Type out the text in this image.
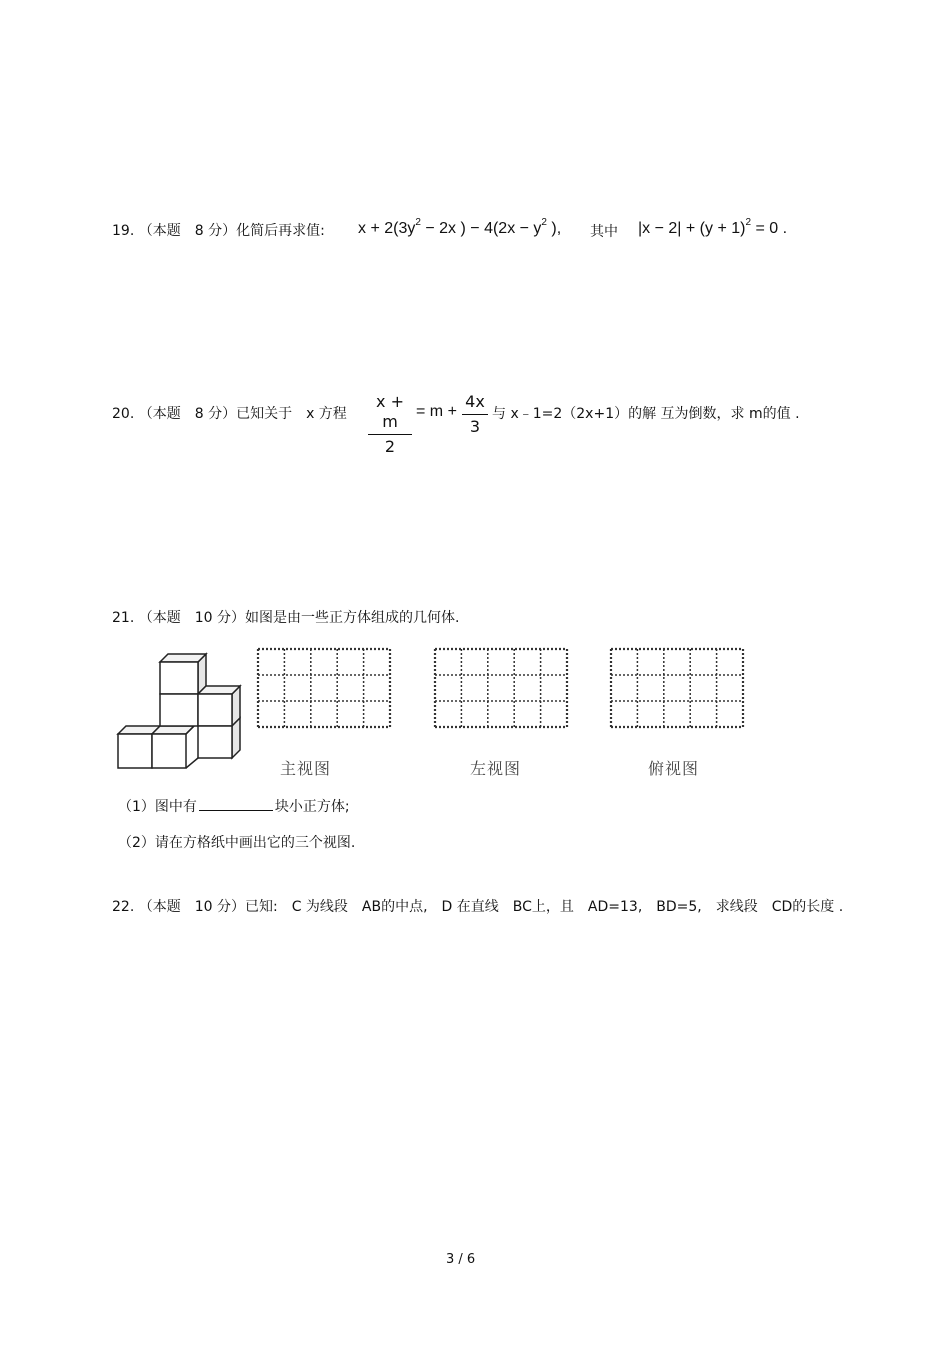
19. （本题　8 分）化简后再求值: $x + 2(3y^2 - 2x$ ) − $4(2x - y^2$ ), 其中 $|x - 2| + (y + 1)^2 = 0$ .
20. （本题　8 分）已知关于　x 方程
x + m
2
= m +
4x
3
与 x﹣1=2（2x+1）的解 互为倒数，求 m的值 .
21. （本题　10 分）如图是由一些正方体组成的几何体.
主视图	左视图	俯视图
（1）图中有	块小正方体;
（2）请在方格纸中画出它的三个视图.
22. （本题　10 分）已知:　C 为线段　AB的中点,　D 在直线　BC上，且　AD=13,　BD=5,　求线段　CD的长度 .
3 / 6
